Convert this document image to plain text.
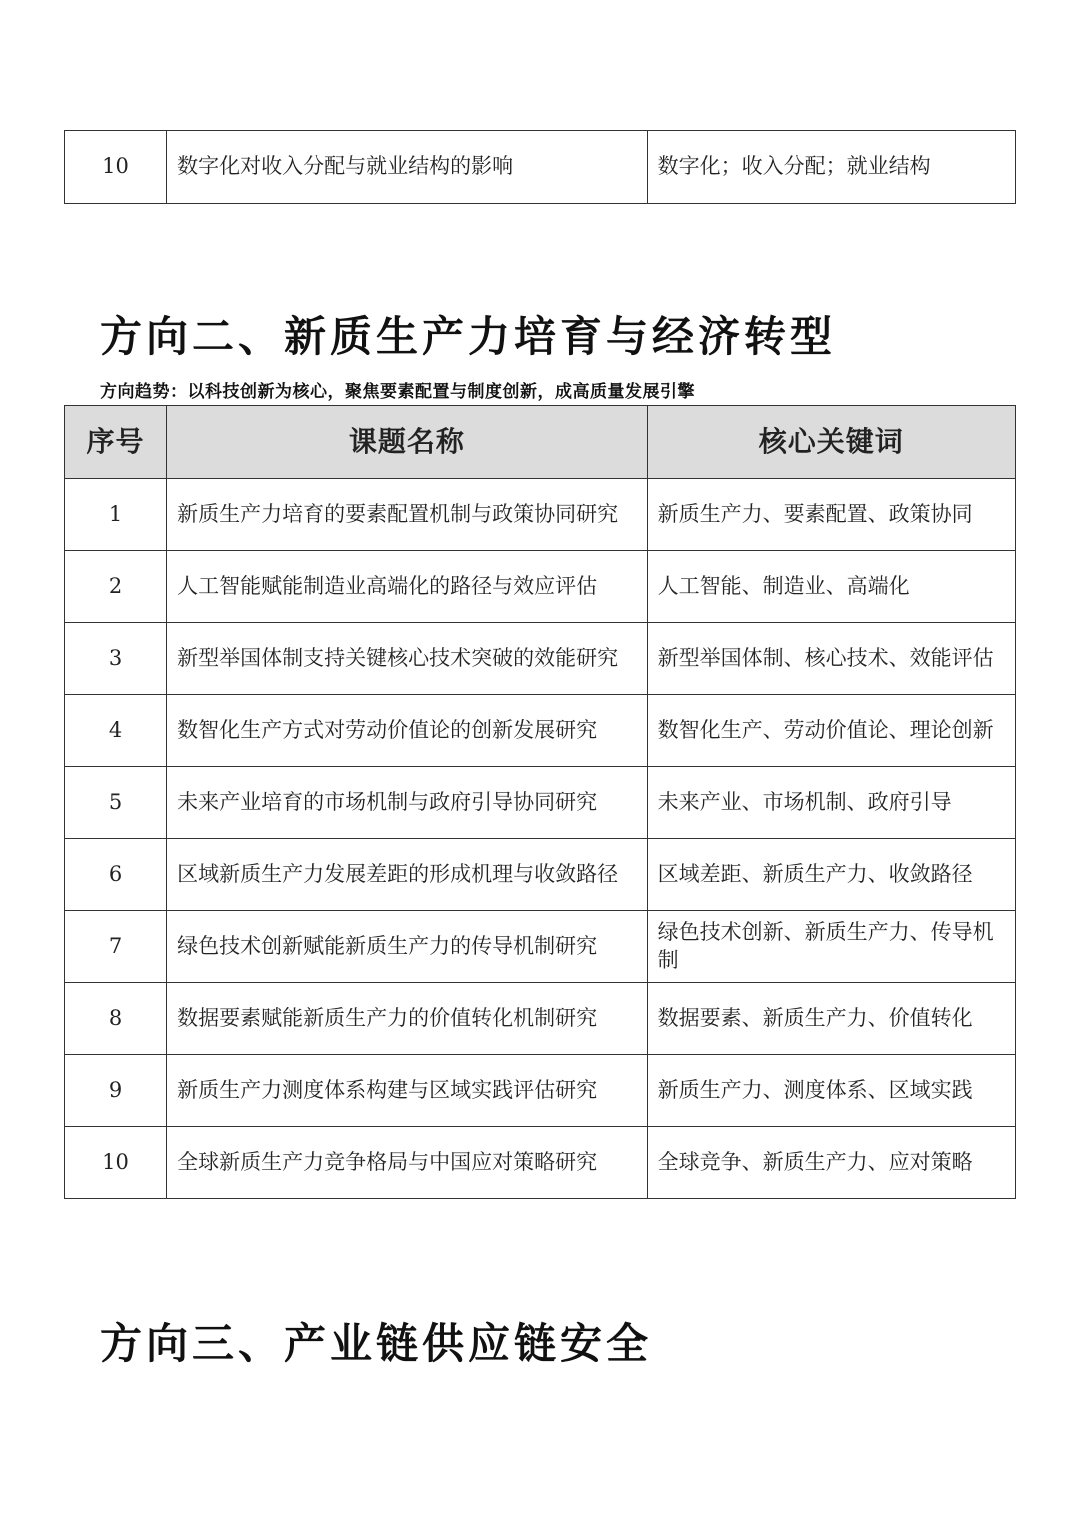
10	数字化对收入分配与就业结构的影响	数字化；收入分配；就业结构
方向二、新质生产力培育与经济转型

方向趋势：以科技创新为核心，聚焦要素配置与制度创新，成高质量发展引擎

序号	课题名称	核心关键词
1	新质生产力培育的要素配置机制与政策协同研究	新质生产力、要素配置、政策协同
2	人工智能赋能制造业高端化的路径与效应评估	人工智能、制造业、高端化
3	新型举国体制支持关键核心技术突破的效能研究	新型举国体制、核心技术、效能评估
4	数智化生产方式对劳动价值论的创新发展研究	数智化生产、劳动价值论、理论创新
5	未来产业培育的市场机制与政府引导协同研究	未来产业、市场机制、政府引导
6	区域新质生产力发展差距的形成机理与收敛路径	区域差距、新质生产力、收敛路径
7	绿色技术创新赋能新质生产力的传导机制研究	绿色技术创新、新质生产力、传导机制
8	数据要素赋能新质生产力的价值转化机制研究	数据要素、新质生产力、价值转化
9	新质生产力测度体系构建与区域实践评估研究	新质生产力、测度体系、区域实践
10	全球新质生产力竞争格局与中国应对策略研究	全球竞争、新质生产力、应对策略
方向三、产业链供应链安全
